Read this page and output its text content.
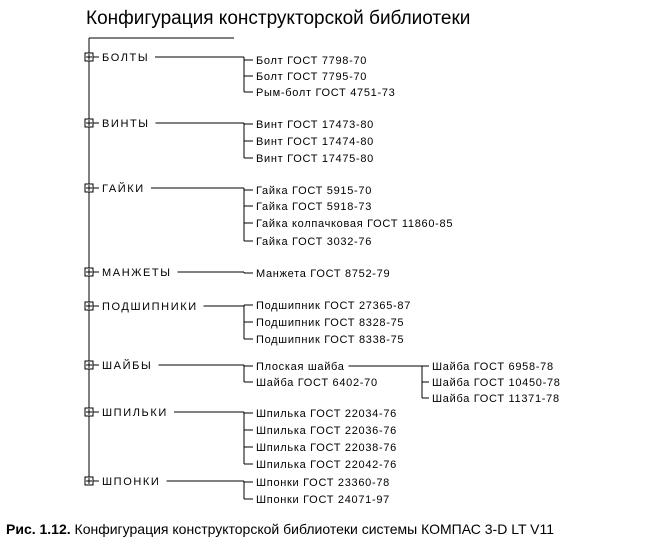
Конфигурация конструкторской библиотеки
БОЛТЫ	Болт ГОСТ 7798-70
Болт ГОСТ 7795-70
Рым-болт ГОСТ 4751-73
ВИНТЫ	Винт ГОСТ 17473-80
Винт ГОСТ 17474-80
Винт ГОСТ 17475-80
ГАЙКИ	Гайка ГОСТ 5915-70
Гайка ГОСТ 5918-73
Гайка колпачковая ГОСТ 11860-85
Гайка ГОСТ 3032-76
МАНЖЕТЫ	Манжета ГОСТ 8752-79
ПОДШИПНИКИ	Подшипник ГОСТ 27365-87
Подшипник ГОСТ 8328-75
Подшипник ГОСТ 8338-75
ШАЙБЫ	Плоская шайба	Шайба ГОСТ 6958-78
Шайба ГОСТ 10450-78
Шайба ГОСТ 11371-78
Шайба ГОСТ 6402-70
ШПИЛЬКИ	Шпилька ГОСТ 22034-76
Шпилька ГОСТ 22036-76
Шпилька ГОСТ 22038-76
Шпилька ГОСТ 22042-76
ШПОНКИ	Шпонки ГОСТ 23360-78
Шпонки ГОСТ 24071-97
Рис. 1.12. Конфигурация конструкторской библиотеки системы КОМПАС 3-D LT V11
